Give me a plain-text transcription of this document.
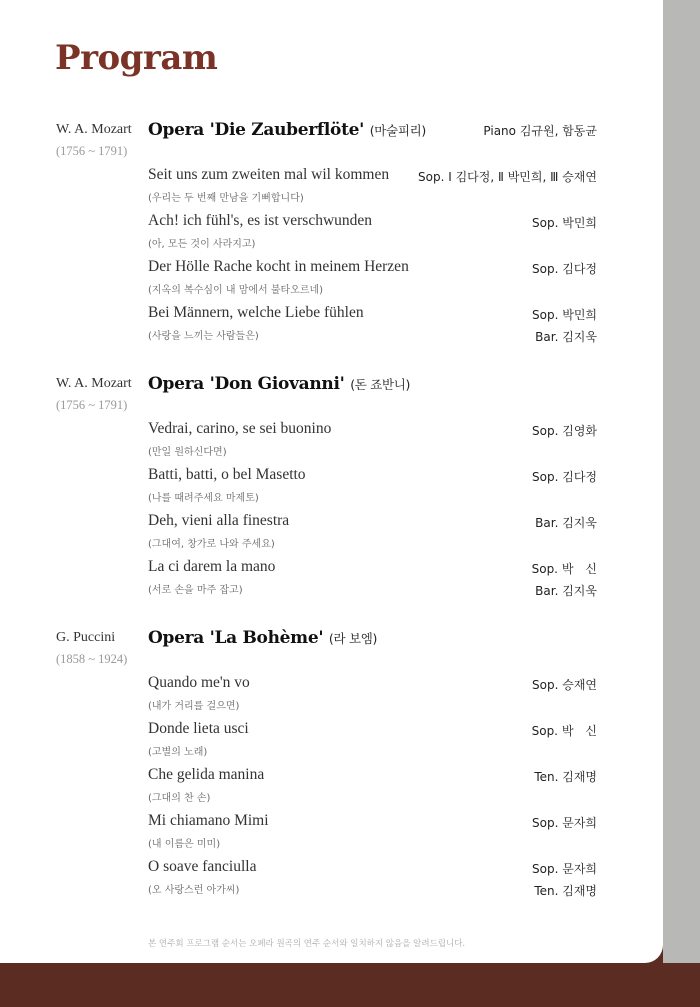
Program
W. A. Mozart
(1756 ~ 1791)
Opera 'Die Zauberflöte' (마술피리)	Piano 김규원, 함동균
Seit uns zum zweiten mal wil kommen
(우리는 두 번째 만남을 기뻐합니다)
Sop. Ⅰ 김다정, Ⅱ 박민희, Ⅲ 승재연
Ach! ich fühl's, es ist verschwunden
(아, 모든 것이 사라지고)
Sop. 박민희
Der Hölle Rache kocht in meinem Herzen
(지옥의 복수심이 내 맘에서 불타오르네)
Sop. 김다정
Bei Männern, welche Liebe fühlen
(사랑을 느끼는 사람들은)
Sop. 박민희
Bar. 김지욱
W. A. Mozart
(1756 ~ 1791)
Opera 'Don Giovanni' (돈 죠반니)
Vedrai, carino, se sei buonino
(만일 원하신다면)
Sop. 김영화
Batti, batti, o bel Masetto
(나를 때려주세요 마제토)
Sop. 김다정
Deh, vieni alla finestra
(그대여, 창가로 나와 주세요)
Bar. 김지욱
La ci darem la mano
(서로 손을 마주 잡고)
Sop. 박　신
Bar. 김지욱
G. Puccini
(1858 ~ 1924)
Opera 'La Bohème' (라 보엠)
Quando me'n vo
(내가 거리를 걸으면)
Sop. 승재연
Donde lieta usci
(고별의 노래)
Sop. 박　신
Che gelida manina
(그대의 찬 손)
Ten. 김재명
Mi chiamano Mimi
(내 이름은 미미)
Sop. 문자희
O soave fanciulla
(오 사랑스런 아가씨)
Sop. 문자희
Ten. 김재명
본 연주회 프로그램 순서는 오페라 원곡의 연주 순서와 일치하지 않음을 알려드립니다.
